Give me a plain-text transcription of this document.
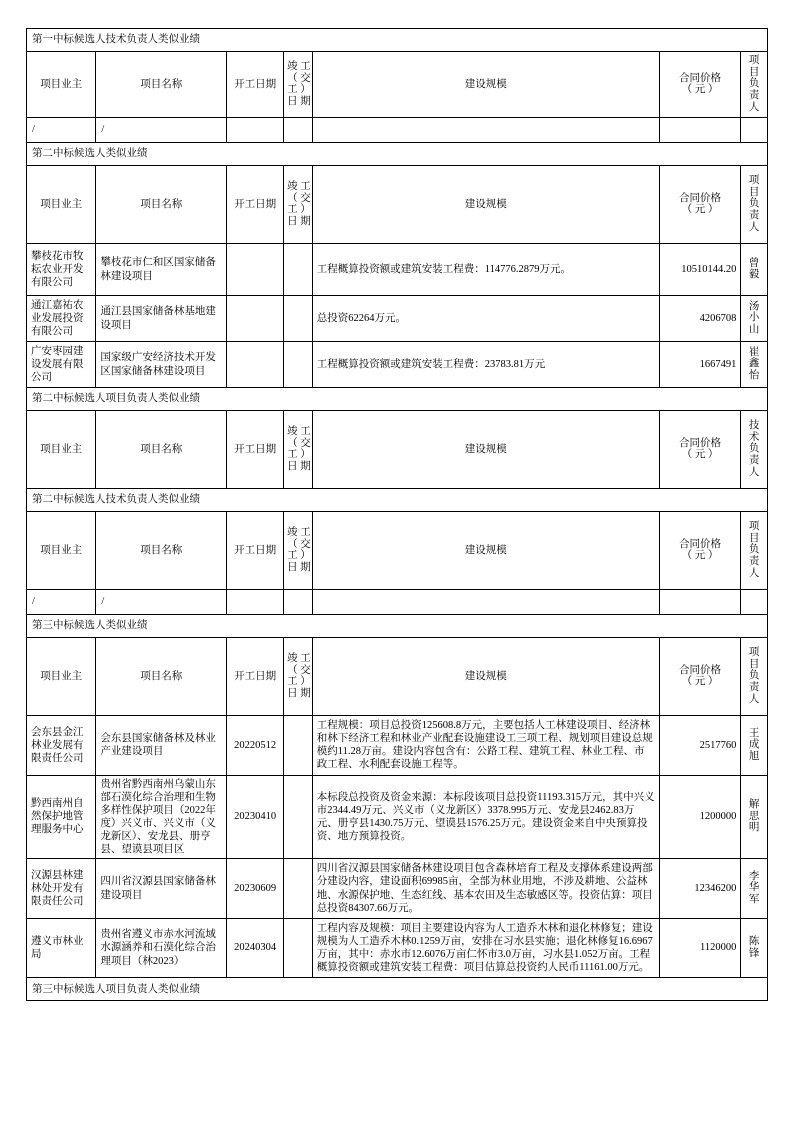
第一中标候选人技术负责人类似业绩						
项目业主	项目名称	开工日期	竣 工
（ 交
工 ）
日 期	建设规模	合同价格
（ 元 ）	项
目
负
责
人
/	/					
第二中标候选人类似业绩						
项目业主	项目名称	开工日期	竣 工
（ 交
工 ）
日 期	建设规模	合同价格
（ 元 ）	项
目
负
责
人
攀枝花市牧耘农业开发有限公司	攀枝花市仁和区国家储备林建设项目			工程概算投资额或建筑安装工程费：114776.2879万元。	10510144.20	曾
毅
通江嘉祐农业发展投资有限公司	通江县国家储备林基地建设项目			总投资62264万元。	4206708	汤
小
山
广安枣园建设发展有限公司	国家级广安经济技术开发区国家储备林建设项目			工程概算投资额或建筑安装工程费：23783.81万元	1667491	崔
鑫
怡
第二中标候选人项目负责人类似业绩						
项目业主	项目名称	开工日期	竣 工
（ 交
工 ）
日 期	建设规模	合同价格
（ 元 ）	技
术
负
责
人
第二中标候选人技术负责人类似业绩						
项目业主	项目名称	开工日期	竣 工
（ 交
工 ）
日 期	建设规模	合同价格
（ 元 ）	项
目
负
责
人
/	/					
第三中标候选人类似业绩						
项目业主	项目名称	开工日期	竣 工
（ 交
工 ）
日 期	建设规模	合同价格
（ 元 ）	项
目
负
责
人
会东县金江林业发展有限责任公司	会东县国家储备林及林业产业建设项目	20220512		工程规模：项目总投资125608.8万元，主要包括人工林建设项目、经济林和林下经济工程和林业产业配套设施建设工三项工程、规划项目建设总规模约11.28万亩。建设内容包含有：公路工程、建筑工程、林业工程、市政工程、水利配套设施工程等。	2517760	王
成
旭
黔西南州自然保护地管理服务中心	贵州省黔西南州乌蒙山东部石漠化综合治理和生物多样性保护项目（2022年度）兴义市、兴义市（义龙新区）、安龙县、册亨县、望谟县项目区	20230410		本标段总投资及资金来源：本标段该项目总投资11193.315万元，其中兴义市2344.49万元、兴义市（义龙新区）3378.995万元、安龙县2462.83万元、册亨县1430.75万元、望谟县1576.25万元。建设资金来自中央预算投资、地方预算投资。	1200000	解
思
明
汉源县林建林处开发有限责任公司	四川省汉源县国家储备林建设项目	20230609		四川省汉源县国家储备林建设项目包含森林培育工程及支撑体系建设两部分建设内容，建设面积69985亩，全部为林业用地，不涉及耕地、公益林地、水源保护地、生态红线、基本农田及生态敏感区等。投资估算：项目总投资84307.66万元。	12346200	李
华
军
遵义市林业局	贵州省遵义市赤水河流域水源涵养和石漠化综合治理项目（林2023）	20240304		工程内容及规模：项目主要建设内容为人工造乔木林和退化林修复；建设规模为人工造乔木林0.1259万亩，安排在习水县实施；退化林修复16.6967万亩，其中：赤水市12.6076万亩仁怀市3.0万亩，习水县1.052万亩。工程概算投资额或建筑安装工程费：项目估算总投资约人民币11161.00万元。	1120000	陈
锋
第三中标候选人项目负责人类似业绩						
